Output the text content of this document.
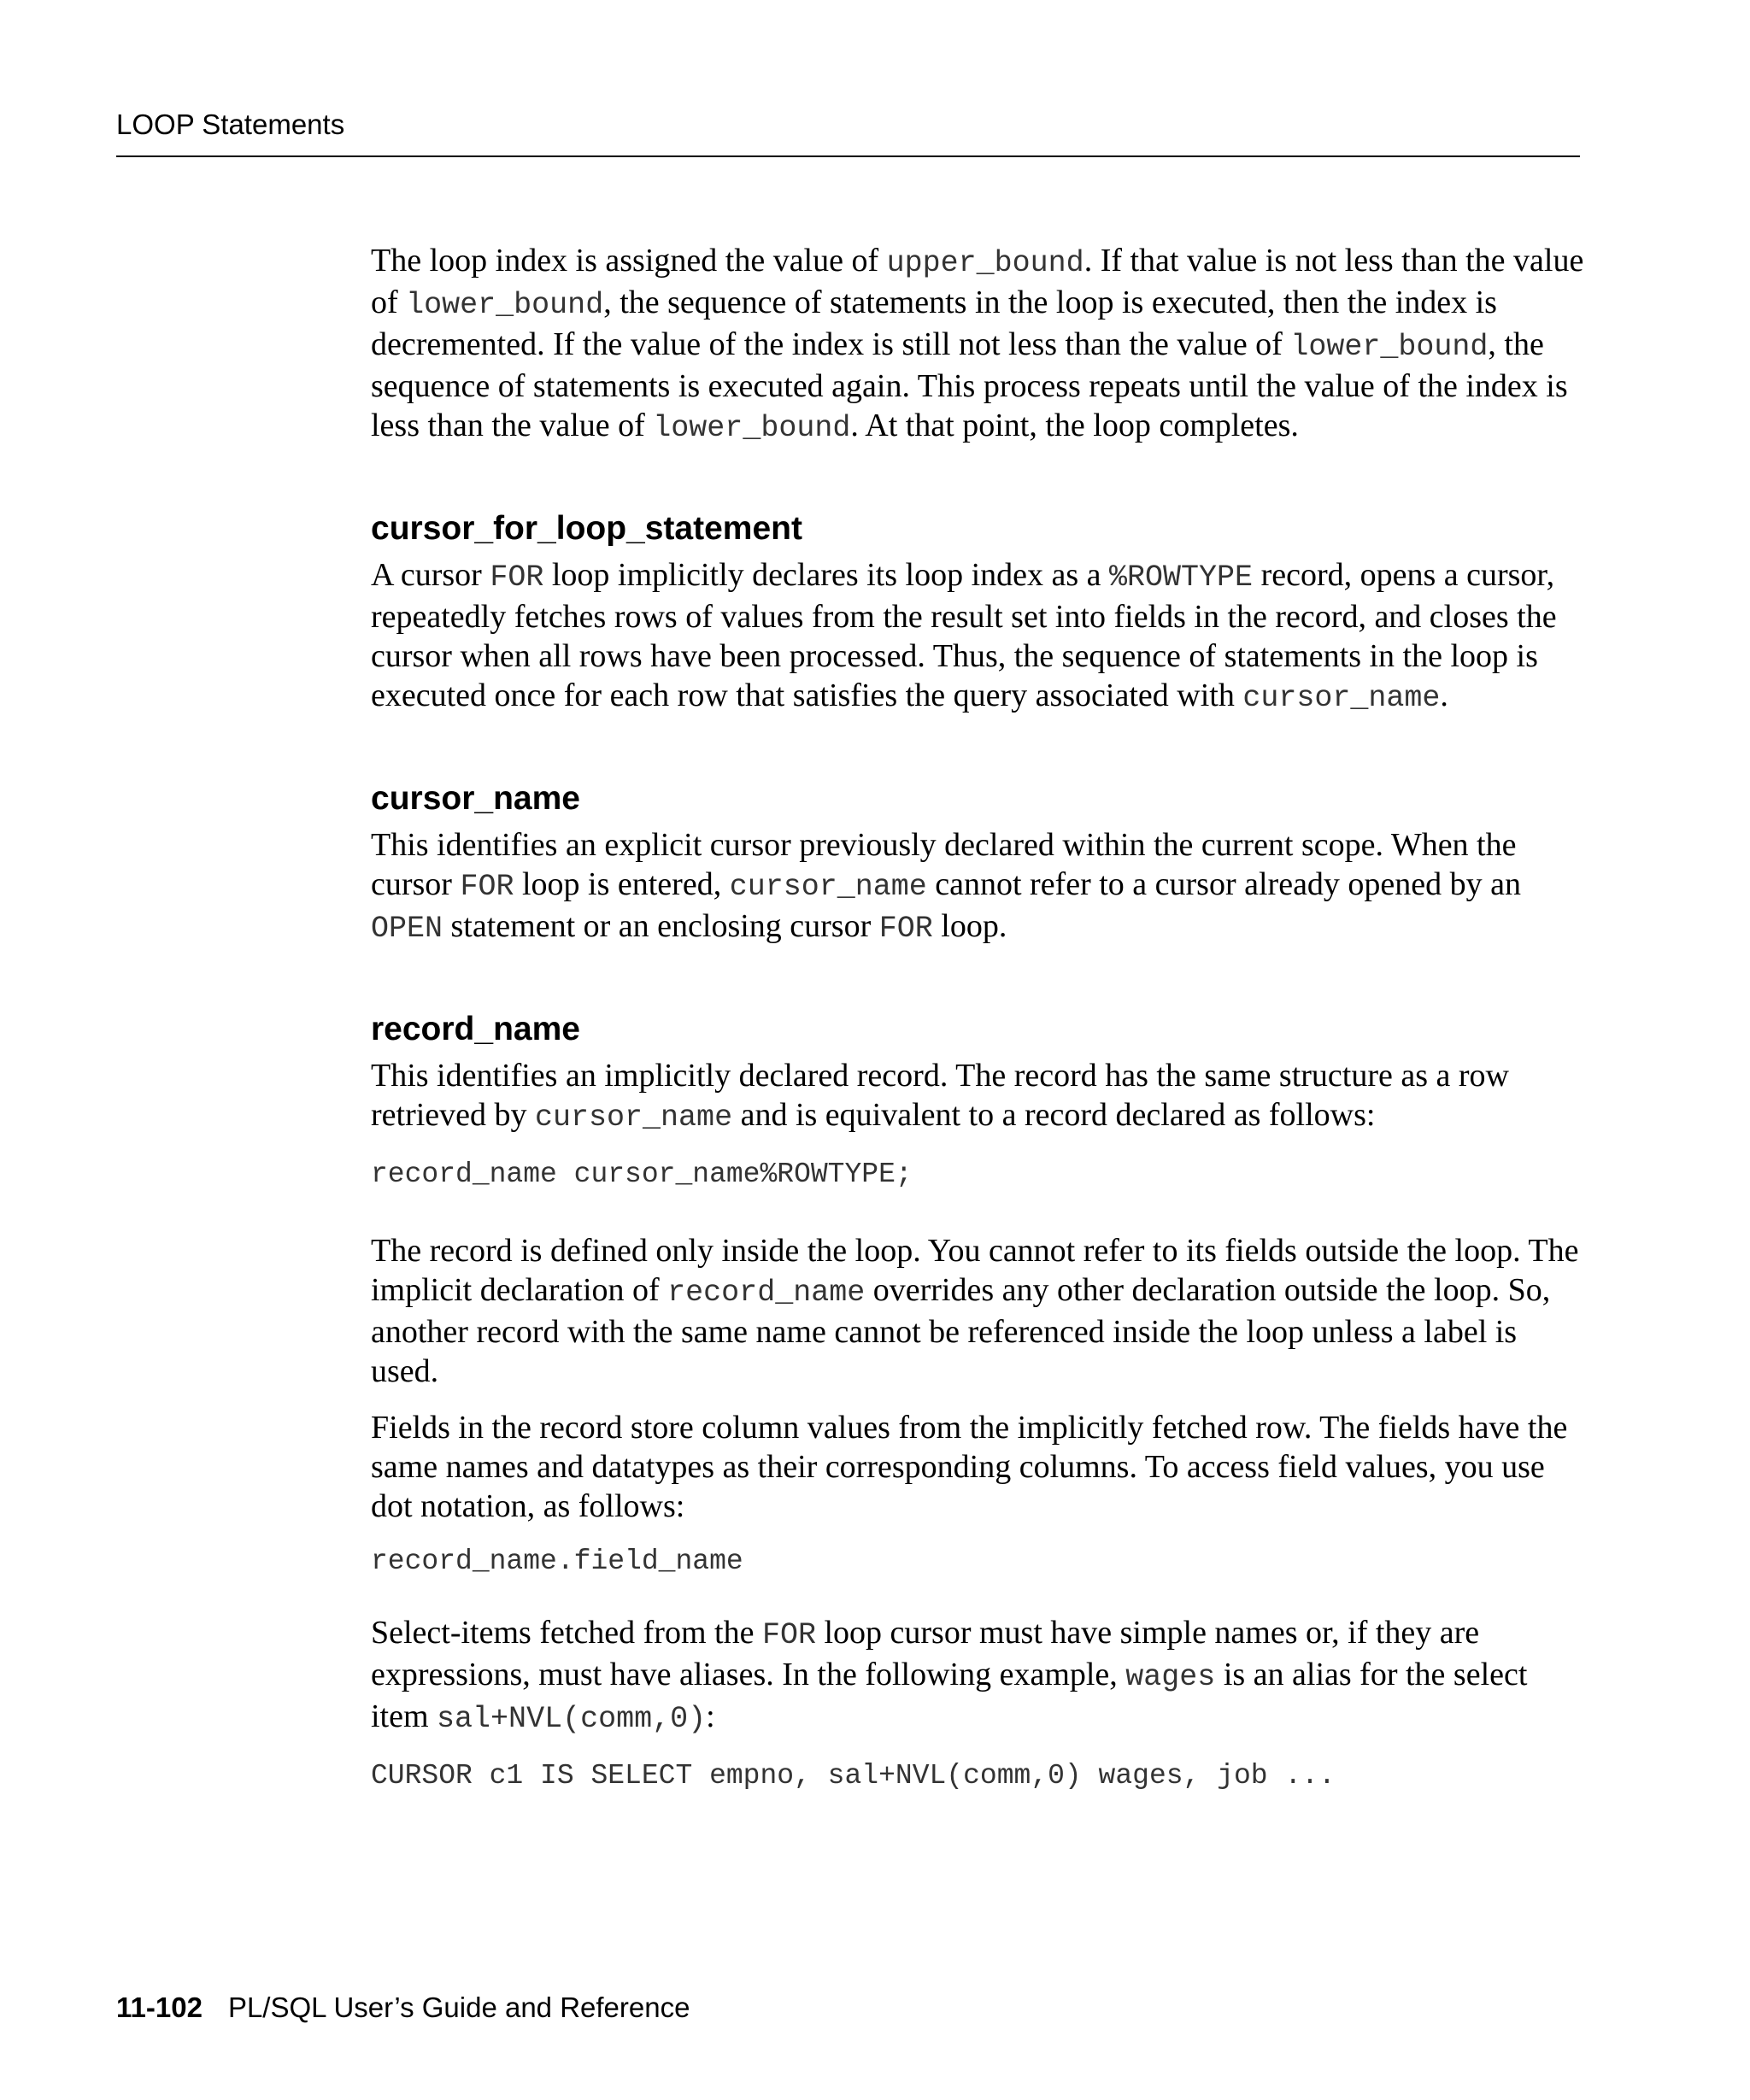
LOOP Statements

The loop index is assigned the value of upper_bound. If that value is not less than the value of lower_bound, the sequence of statements in the loop is executed, then the index is decremented. If the value of the index is still not less than the value of lower_bound, the sequence of statements is executed again. This process repeats until the value of the index is less than the value of lower_bound. At that point, the loop completes.

cursor_for_loop_statement

A cursor FOR loop implicitly declares its loop index as a %ROWTYPE record, opens a cursor, repeatedly fetches rows of values from the result set into fields in the record, and closes the cursor when all rows have been processed. Thus, the sequence of statements in the loop is executed once for each row that satisfies the query associated with cursor_name.

cursor_name

This identifies an explicit cursor previously declared within the current scope. When the cursor FOR loop is entered, cursor_name cannot refer to a cursor already opened by an OPEN statement or an enclosing cursor FOR loop.

record_name

This identifies an implicitly declared record. The record has the same structure as a row retrieved by cursor_name and is equivalent to a record declared as follows:

record_name cursor_name%ROWTYPE;

The record is defined only inside the loop. You cannot refer to its fields outside the loop. The implicit declaration of record_name overrides any other declaration outside the loop. So, another record with the same name cannot be referenced inside the loop unless a label is used.

Fields in the record store column values from the implicitly fetched row. The fields have the same names and datatypes as their corresponding columns. To access field values, you use dot notation, as follows:

record_name.field_name

Select-items fetched from the FOR loop cursor must have simple names or, if they are expressions, must have aliases. In the following example, wages is an alias for the select item sal+NVL(comm,0):

CURSOR c1 IS SELECT empno, sal+NVL(comm,0) wages, job ...
11-102 PL/SQL User’s Guide and Reference
